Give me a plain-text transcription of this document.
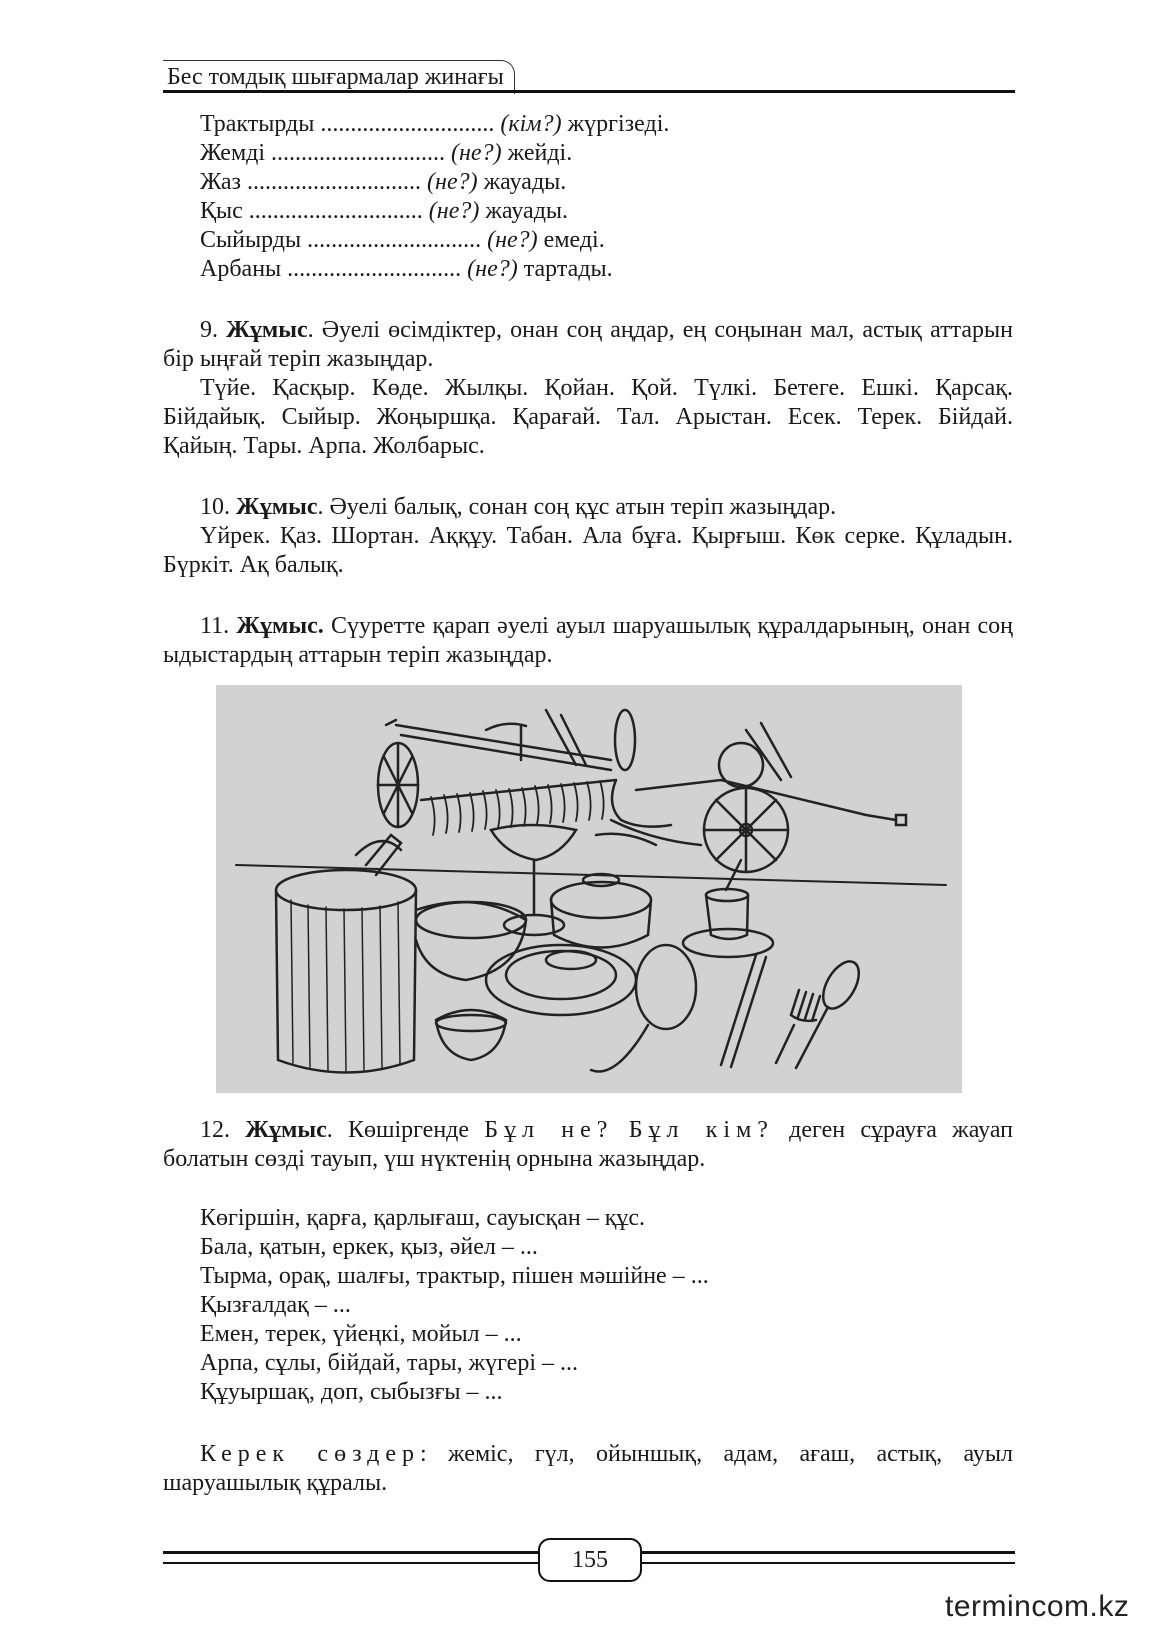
Бес томдық шығармалар жинағы
Трактырды ............................. (кім?) жүргізеді.
Жемді ............................. (не?) жейді.
Жаз ............................. (не?) жауады.
Қыс ............................. (не?) жауады.
Сыйырды ............................. (не?) емеді.
Арбаны ............................. (не?) тартады.
9. Жұмыс. Әуелі өсімдіктер, онан соң аңдар, ең соңынан мал, астық аттарын бір ыңғай теріп жазыңдар.
Түйе. Қасқыр. Көде. Жылқы. Қойан. Қой. Түлкі. Бетеге. Ешкі. Қарсақ. Бійдайық. Сыйыр. Жоңыршқа. Қарағай. Тал. Арыстан. Есек. Терек. Бійдай. Қайың. Тары. Арпа. Жолбарыс.
10. Жұмыс. Әуелі балық, сонан соң құс атын теріп жазыңдар.
Үйрек. Қаз. Шортан. Аққұу. Табан. Ала бұға. Қырғыш. Көк серке. Құладын. Бүркіт. Ақ балық.
11. Жұмыс. Сүуретте қарап әуелі ауыл шаруашылық құралдарының, онан соң ыдыстардың аттарын теріп жазыңдар.
12. Жұмыс. Көшіргенде Бұл не? Бұл кім? деген сұрауға жауап болатын сөзді тауып, үш нүктенің орнына жазыңдар.
Көгіршін, қарға, қарлығаш, сауысқан – құс.
Бала, қатын, еркек, қыз, әйел – ...
Тырма, орақ, шалғы, трактыр, пішен мәшійне – ...
Қызғалдақ – ...
Емен, терек, үйеңкі, мойыл – ...
Арпа, сұлы, бійдай, тары, жүгері – ...
Құуыршақ, доп, сыбызғы – ...
Керек сөздер: жеміс, гүл, ойыншық, адам, ағаш, астық, ауыл шаруашылық құралы.
155
termincom.kz
